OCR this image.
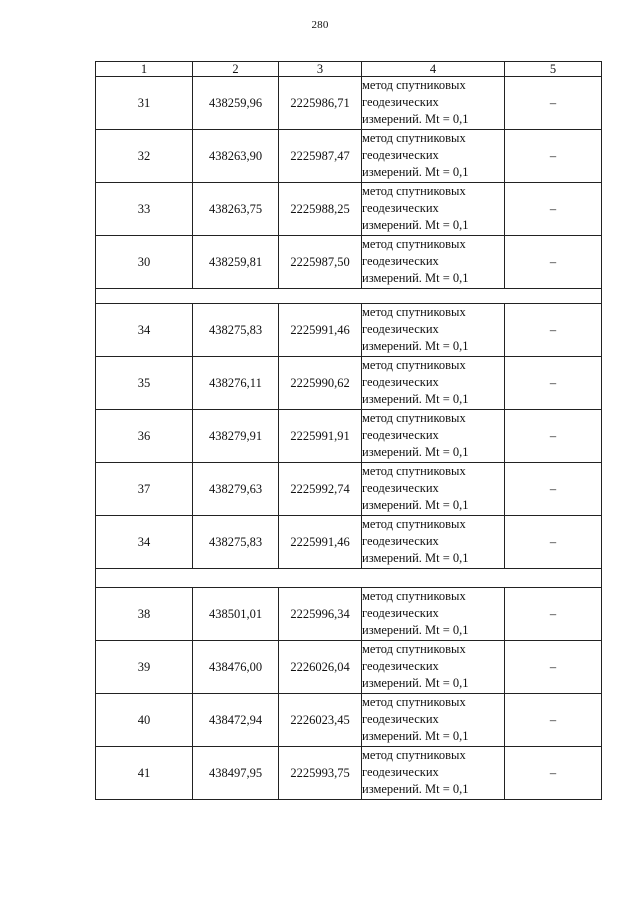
280
1	2	3	4	5
31	438259,96	2225986,71	метод спутниковых
геодезических
измерений. Mt = 0,1	–
32	438263,90	2225987,47	метод спутниковых
геодезических
измерений. Mt = 0,1	–
33	438263,75	2225988,25	метод спутниковых
геодезических
измерений. Mt = 0,1	–
30	438259,81	2225987,50	метод спутниковых
геодезических
измерений. Mt = 0,1	–

34	438275,83	2225991,46	метод спутниковых
геодезических
измерений. Mt = 0,1	–
35	438276,11	2225990,62	метод спутниковых
геодезических
измерений. Mt = 0,1	–
36	438279,91	2225991,91	метод спутниковых
геодезических
измерений. Mt = 0,1	–
37	438279,63	2225992,74	метод спутниковых
геодезических
измерений. Mt = 0,1	–
34	438275,83	2225991,46	метод спутниковых
геодезических
измерений. Mt = 0,1	–

38	438501,01	2225996,34	метод спутниковых
геодезических
измерений. Mt = 0,1	–
39	438476,00	2226026,04	метод спутниковых
геодезических
измерений. Mt = 0,1	–
40	438472,94	2226023,45	метод спутниковых
геодезических
измерений. Mt = 0,1	–
41	438497,95	2225993,75	метод спутниковых
геодезических
измерений. Mt = 0,1	–
